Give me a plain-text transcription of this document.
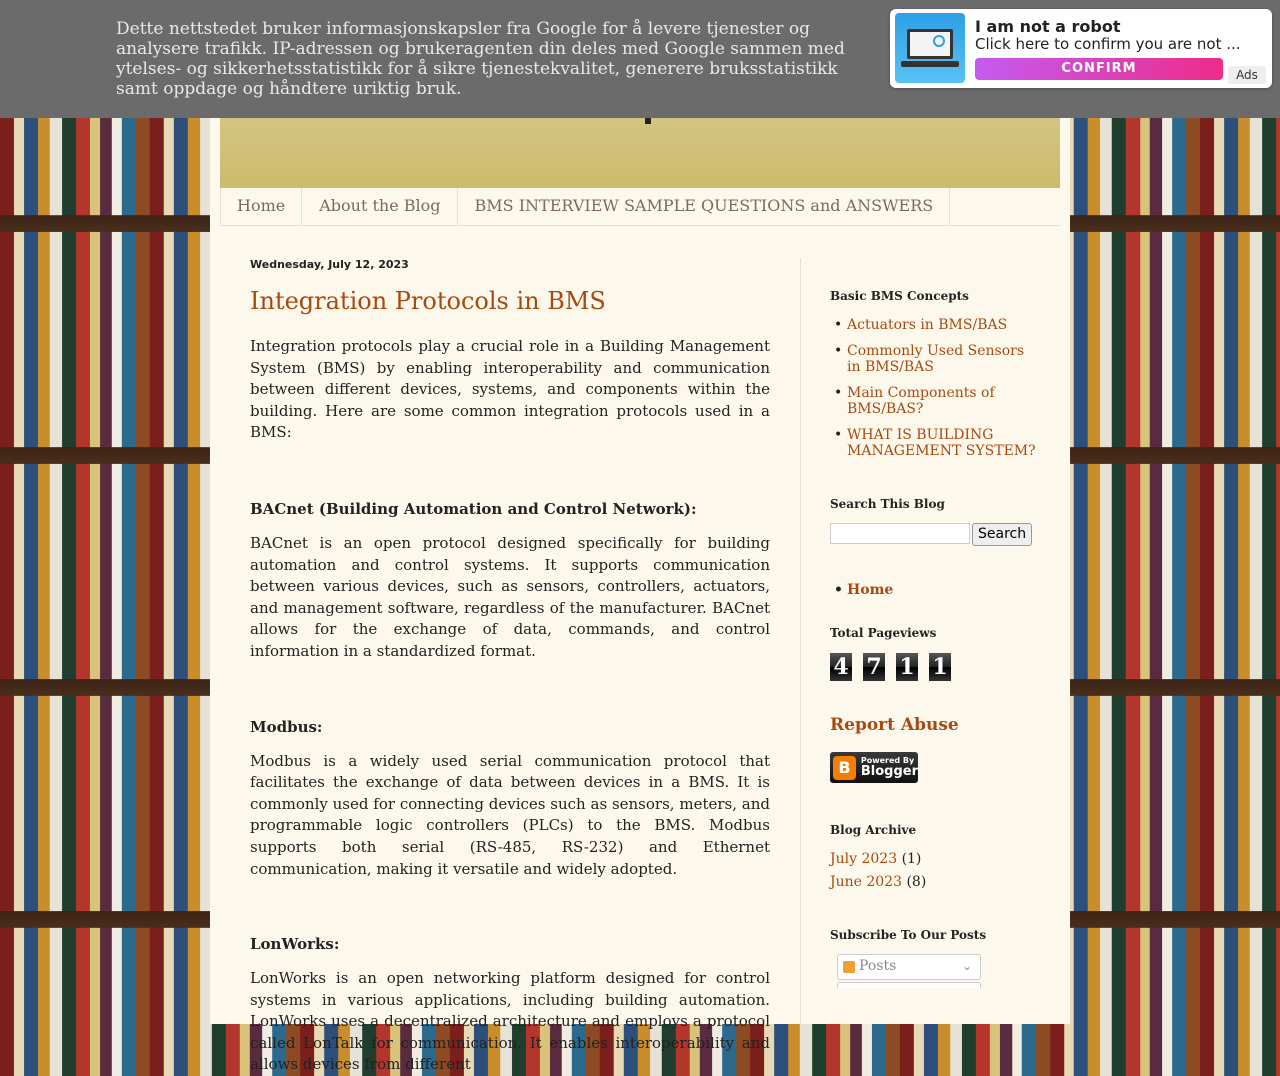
Home	About the Blog	BMS INTERVIEW SAMPLE QUESTIONS and ANSWERS
Wednesday, July 12, 2023
Integration Protocols in BMS

Integration protocols play a crucial role in a Building Management System (BMS) by enabling interoperability and communication between different devices, systems, and components within the building. Here are some common integration protocols used in a BMS:

BACnet (Building Automation and Control Network):

BACnet is an open protocol designed specifically for building automation and control systems. It supports communication between various devices, such as sensors, controllers, actuators, and management software, regardless of the manufacturer. BACnet allows for the exchange of data, commands, and control information in a standardized format.

Modbus:

Modbus is a widely used serial communication protocol that facilitates the exchange of data between devices in a BMS. It is commonly used for connecting devices such as sensors, meters, and programmable logic controllers (PLCs) to the BMS. Modbus supports both serial (RS-485, RS-232) and Ethernet communication, making it versatile and widely adopted.

LonWorks:

LonWorks is an open networking platform designed for control systems in various applications, including building automation. LonWorks uses a decentralized architecture and employs a protocol called LonTalk for communication. It enables interoperability and allows devices from different

Basic BMS Concepts
• Actuators in BMS/BAS
• Commonly Used Sensors in BMS/BAS
• Main Components of BMS/BAS?
• WHAT IS BUILDING MANAGEMENT SYSTEM?
Search This Blog
Search
• Home
Total Pageviews
4 7 1 1
Report Abuse
B	Powered By
Blogger
Blog Archive
July 2023 (1)
June 2023 (8)
Subscribe To Our Posts
Posts	⌄
Dette nettstedet bruker informasjonskapsler fra Google for å levere tjenester og analysere trafikk. IP-adressen og brukeragenten din deles med Google sammen med ytelses- og sikkerhetsstatistikk for å sikre tjenestekvalitet, generere bruksstatistikk samt oppdage og håndtere uriktig bruk.
I am not a robot
Click here to confirm you are not ...
CONFIRM	Ads
